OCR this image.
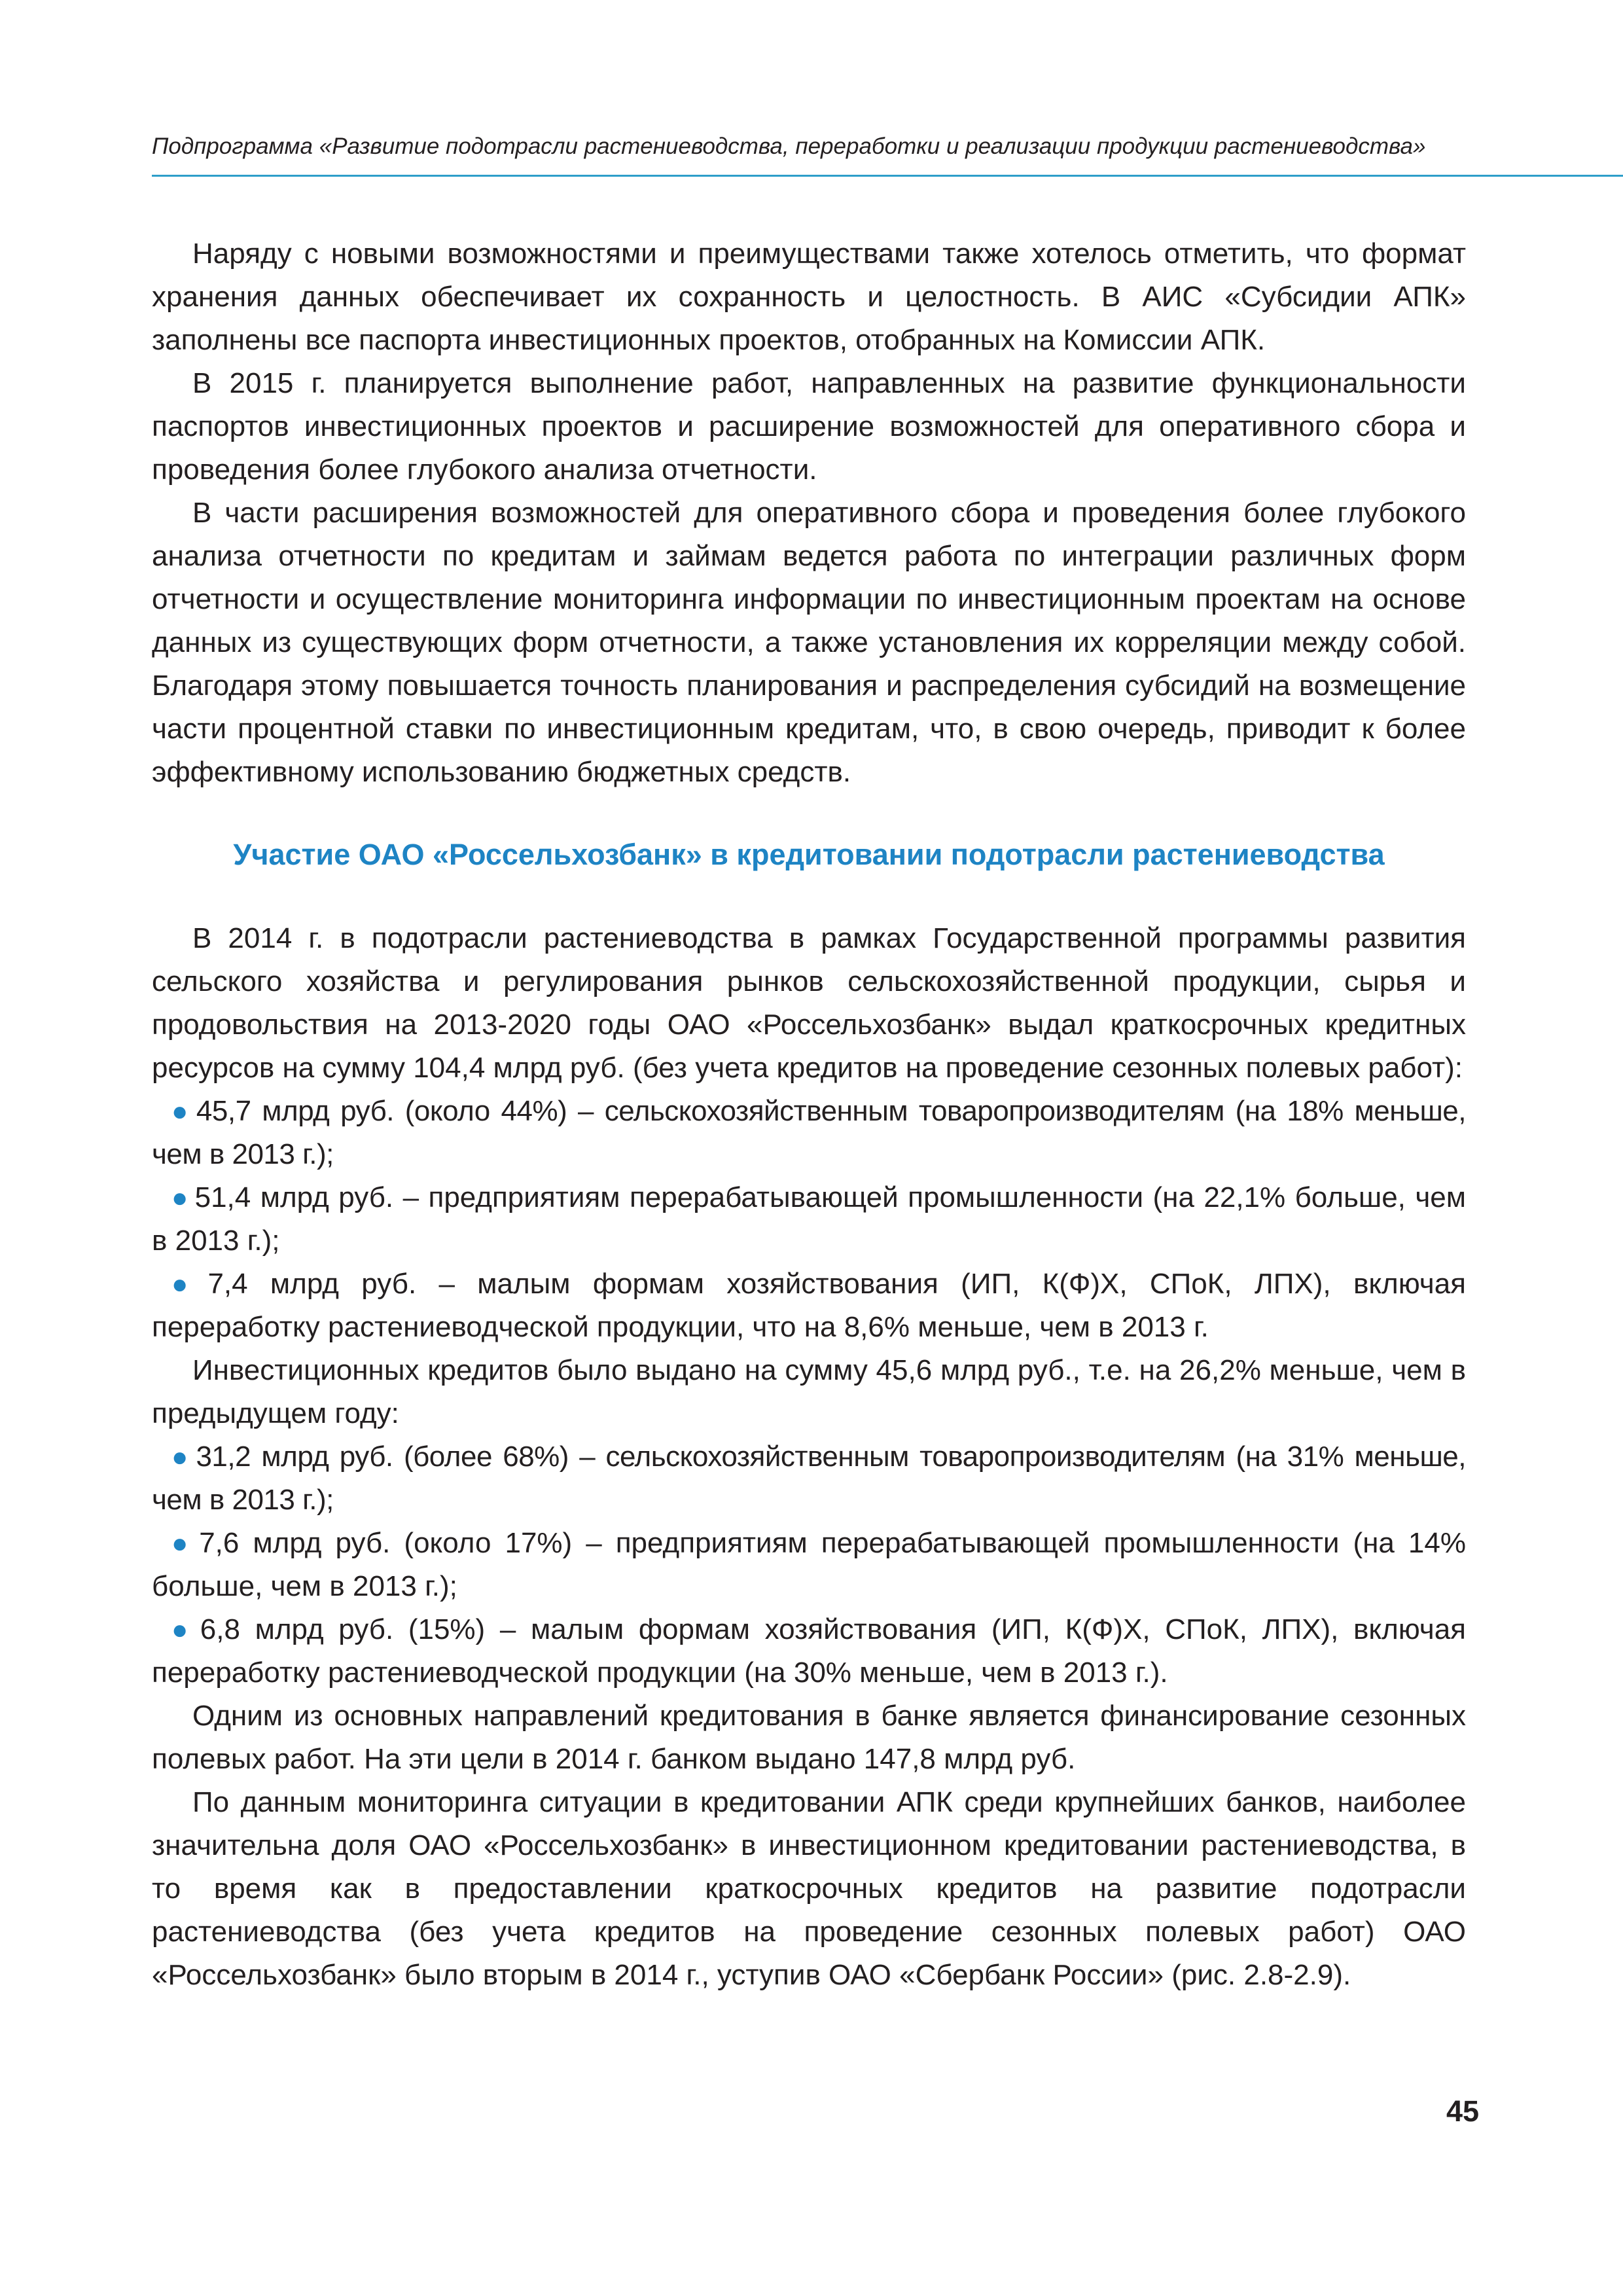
Подпрограмма «Развитие подотрасли растениеводства, переработки и реализации продукции растениеводства»

Наряду с новыми возможностями и преимуществами также хотелось отметить, что формат хранения данных обеспечивает их сохранность и целостность. В АИС «Субсидии АПК» заполнены все паспорта инвестиционных проектов, отобранных на Комиссии АПК.

В 2015 г. планируется выполнение работ, направленных на развитие функциональности паспортов инвестиционных проектов и расширение возможностей для оперативного сбора и проведения более глубокого анализа отчетности.

В части расширения возможностей для оперативного сбора и проведения более глубокого анализа отчетности по кредитам и займам ведется работа по интеграции различных форм отчетности и осуществление мониторинга информации по инвестиционным проектам на основе данных из существующих форм отчетности, а также установления их корреляции между собой. Благодаря этому повышается точность планирования и распределения субсидий на возмещение части процентной ставки по инвестиционным кредитам, что, в свою очередь, приводит к более эффективному использованию бюджетных средств.

Участие ОАО «Россельхозбанк» в кредитовании подотрасли растениеводства

В 2014 г. в подотрасли растениеводства в рамках Государственной программы развития сельского хозяйства и регулирования рынков сельскохозяйственной продукции, сырья и продовольствия на 2013-2020 годы ОАО «Россельхозбанк» выдал краткосрочных кредитных ресурсов на сумму 104,4 млрд руб. (без учета кредитов на проведение сезонных полевых работ):

● 45,7 млрд руб. (около 44%) – сельскохозяйственным товаропроизводителям (на 18% меньше, чем в 2013 г.);

● 51,4 млрд руб. – предприятиям перерабатывающей промышленности (на 22,1% больше, чем в 2013 г.);

● 7,4 млрд руб. – малым формам хозяйствования (ИП, К(Ф)Х, СПоК, ЛПХ), включая переработку растениеводческой продукции, что на 8,6% меньше, чем в 2013 г.

Инвестиционных кредитов было выдано на сумму 45,6 млрд руб., т.е. на 26,2% меньше, чем в предыдущем году:

● 31,2 млрд руб. (более 68%) – сельскохозяйственным товаропроизводителям (на 31% меньше, чем в 2013 г.);

● 7,6 млрд руб. (около 17%) – предприятиям перерабатывающей промышленности (на 14% больше, чем в 2013 г.);

● 6,8 млрд руб. (15%) – малым формам хозяйствования (ИП, К(Ф)Х, СПоК, ЛПХ), включая переработку растениеводческой продукции (на 30% меньше, чем в 2013 г.).

Одним из основных направлений кредитования в банке является финансирование сезонных полевых работ. На эти цели в 2014 г. банком выдано 147,8 млрд руб.

По данным мониторинга ситуации в кредитовании АПК среди крупнейших банков, наиболее значительна доля ОАО «Россельхозбанк» в инвестиционном кредитовании растениеводства, в то время как в предоставлении краткосрочных кредитов на развитие подотрасли растениеводства (без учета кредитов на проведение сезонных полевых работ) ОАО «Россельхозбанк» было вторым в 2014 г., уступив ОАО «Сбербанк России» (рис. 2.8-2.9).

45
